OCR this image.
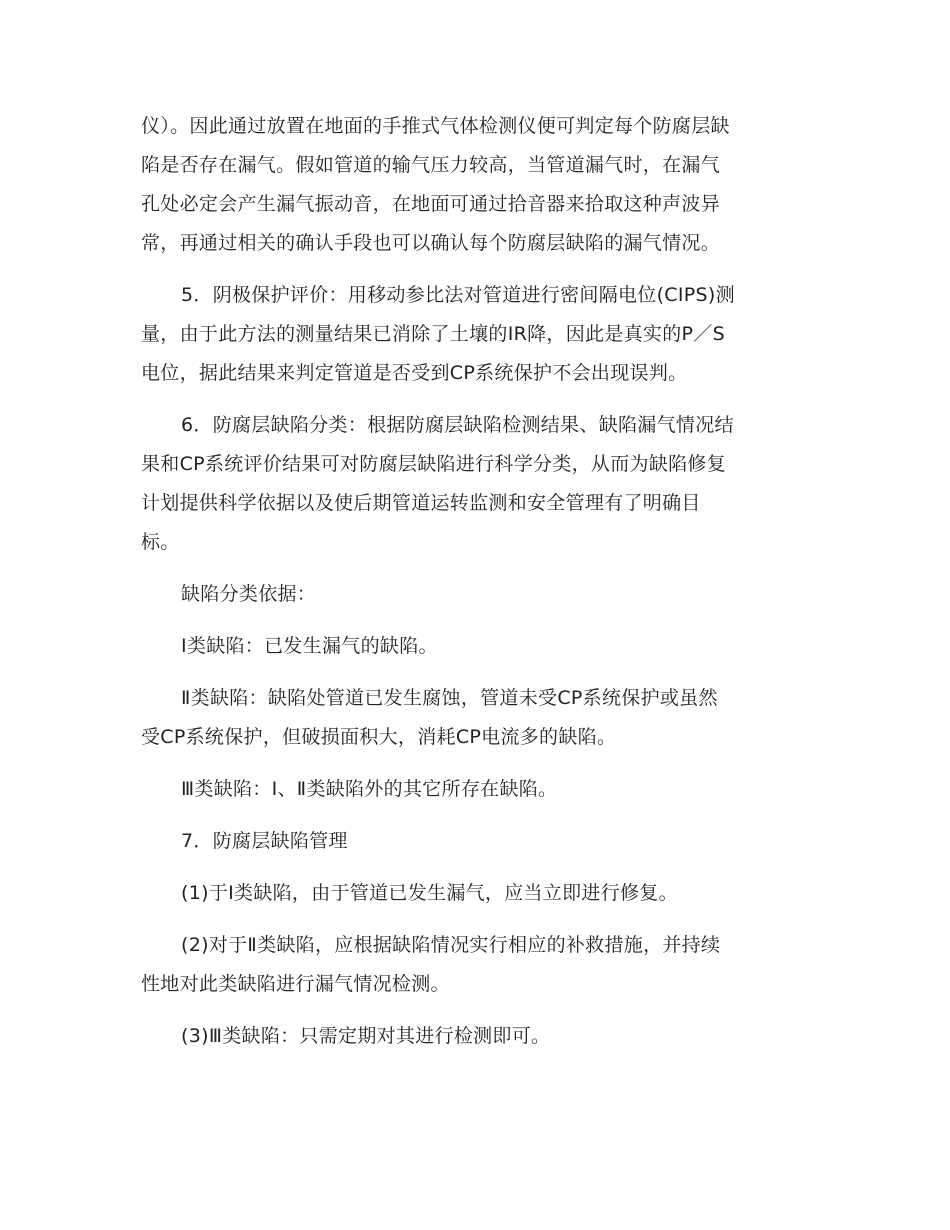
仪）。因此通过放置在地面的手推式气体检测仪便可判定每个防腐层缺
陷是否存在漏气。假如管道的输气压力较高，当管道漏气时，在漏气
孔处必定会产生漏气振动音，在地面可通过拾音器来拾取这种声波异
常，再通过相关的确认手段也可以确认每个防腐层缺陷的漏气情况。

5．阴极保护评价：用移动参比法对管道进行密间隔电位(CIPS)测
量，由于此方法的测量结果已消除了土壤的IR降，因此是真实的P／S
电位，据此结果来判定管道是否受到CP系统保护不会出现误判。

6．防腐层缺陷分类：根据防腐层缺陷检测结果、缺陷漏气情况结
果和CP系统评价结果可对防腐层缺陷进行科学分类，从而为缺陷修复
计划提供科学依据以及使后期管道运转监测和安全管理有了明确目
标。

缺陷分类依据：

Ⅰ类缺陷：已发生漏气的缺陷。

Ⅱ类缺陷：缺陷处管道已发生腐蚀，管道未受CP系统保护或虽然
受CP系统保护，但破损面积大，消耗CP电流多的缺陷。

Ⅲ类缺陷：Ⅰ、Ⅱ类缺陷外的其它所存在缺陷。

7．防腐层缺陷管理

(1)于Ⅰ类缺陷，由于管道已发生漏气，应当立即进行修复。

(2)对于Ⅱ类缺陷，应根据缺陷情况实行相应的补救措施，并持续
性地对此类缺陷进行漏气情况检测。

(3)Ⅲ类缺陷：只需定期对其进行检测即可。
